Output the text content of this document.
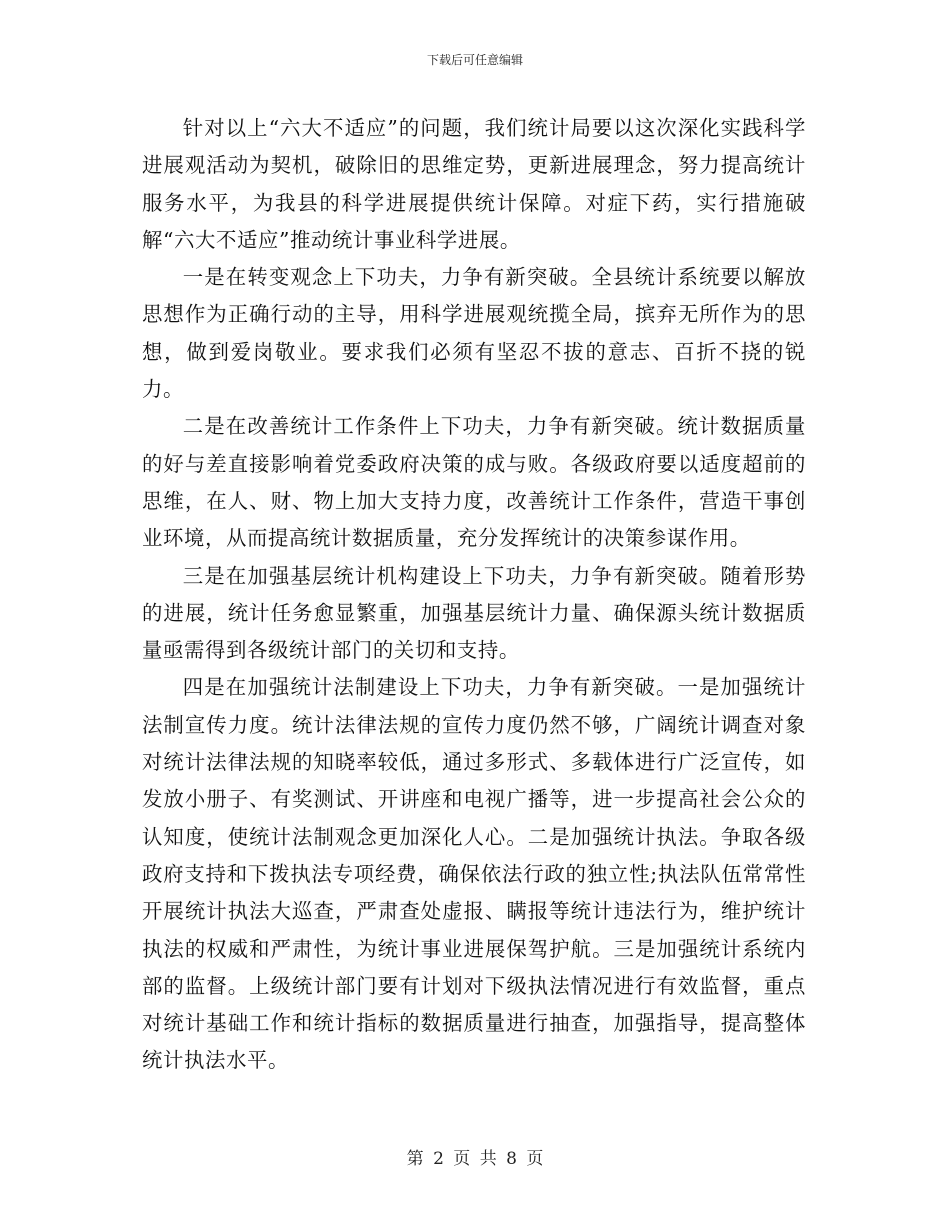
下载后可任意编辑

针对以上“六大不适应”的问题，我们统计局要以这次深化实践科学进展观活动为契机，破除旧的思维定势，更新进展理念，努力提高统计服务水平，为我县的科学进展提供统计保障。对症下药，实行措施破解“六大不适应”推动统计事业科学进展。

一是在转变观念上下功夫，力争有新突破。全县统计系统要以解放思想作为正确行动的主导，用科学进展观统揽全局，摈弃无所作为的思想，做到爱岗敬业。要求我们必须有坚忍不拔的意志、百折不挠的锐力。

二是在改善统计工作条件上下功夫，力争有新突破。统计数据质量的好与差直接影响着党委政府决策的成与败。各级政府要以适度超前的思维，在人、财、物上加大支持力度，改善统计工作条件，营造干事创业环境，从而提高统计数据质量，充分发挥统计的决策参谋作用。

三是在加强基层统计机构建设上下功夫，力争有新突破。随着形势的进展，统计任务愈显繁重，加强基层统计力量、确保源头统计数据质量亟需得到各级统计部门的关切和支持。

四是在加强统计法制建设上下功夫，力争有新突破。一是加强统计法制宣传力度。统计法律法规的宣传力度仍然不够，广阔统计调查对象对统计法律法规的知晓率较低，通过多形式、多载体进行广泛宣传，如发放小册子、有奖测试、开讲座和电视广播等，进一步提高社会公众的认知度，使统计法制观念更加深化人心。二是加强统计执法。争取各级政府支持和下拨执法专项经费，确保依法行政的独立性;执法队伍常常性开展统计执法大巡查，严肃查处虚报、瞒报等统计违法行为，维护统计执法的权威和严肃性，为统计事业进展保驾护航。三是加强统计系统内部的监督。上级统计部门要有计划对下级执法情况进行有效监督，重点对统计基础工作和统计指标的数据质量进行抽查，加强指导，提高整体统计执法水平。

第 2 页 共 8 页
